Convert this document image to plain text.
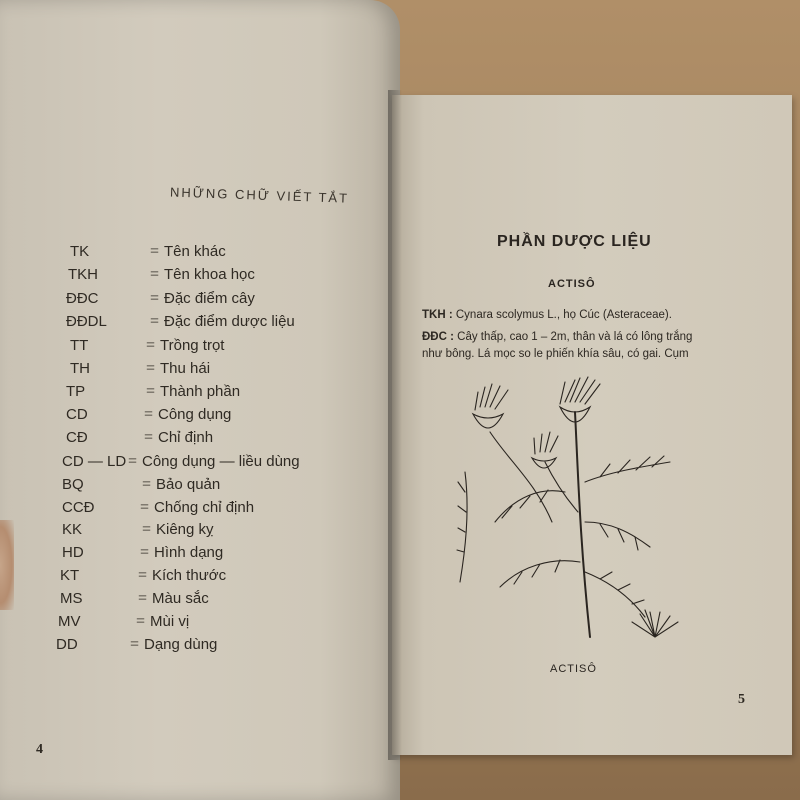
NHỮNG CHỮ VIẾT TẮT
TK	= Tên khác
TKH	= Tên khoa học
ĐĐC	= Đặc điểm cây
ĐĐDL	= Đặc điểm dược liệu
TT	= Trồng trọt
TH	= Thu hái
TP	= Thành phần
CD	= Công dụng
CĐ	= Chỉ định
CD — LD = Công dụng — liều dùng
BQ	= Bảo quản
CCĐ	= Chống chỉ định
KK	= Kiêng kỵ
HD	= Hình dạng
KT	= Kích thước
MS	= Màu sắc
MV	= Mùi vị
DD	= Dạng dùng
4
PHẦN DƯỢC LIỆU
ACTISÔ
TKH : Cynara scolymus L., họ Cúc (Asteraceae).
ĐĐC : Cây thấp, cao 1 – 2m, thân và lá có lông trắng
như bông. Lá mọc so le phiến khía sâu, có gai. Cụm
ACTISÔ
5
